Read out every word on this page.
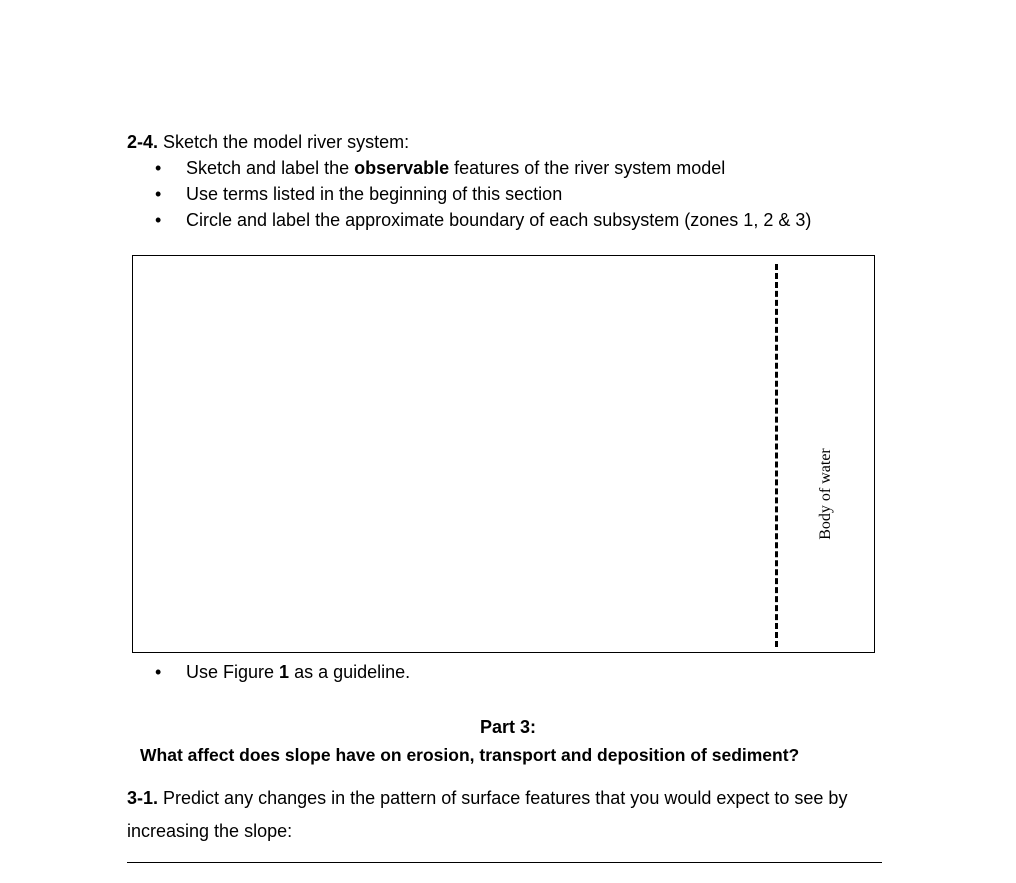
2-4. Sketch the model river system:
• Sketch and label the observable features of the river system model
• Use terms listed in the beginning of this section
• Circle and label the approximate boundary of each subsystem (zones 1, 2 & 3)
Body of water
• Use Figure 1 as a guideline.
Part 3:
What affect does slope have on erosion, transport and deposition of sediment?
3-1. Predict any changes in the pattern of surface features that you would expect to see by increasing the slope:
